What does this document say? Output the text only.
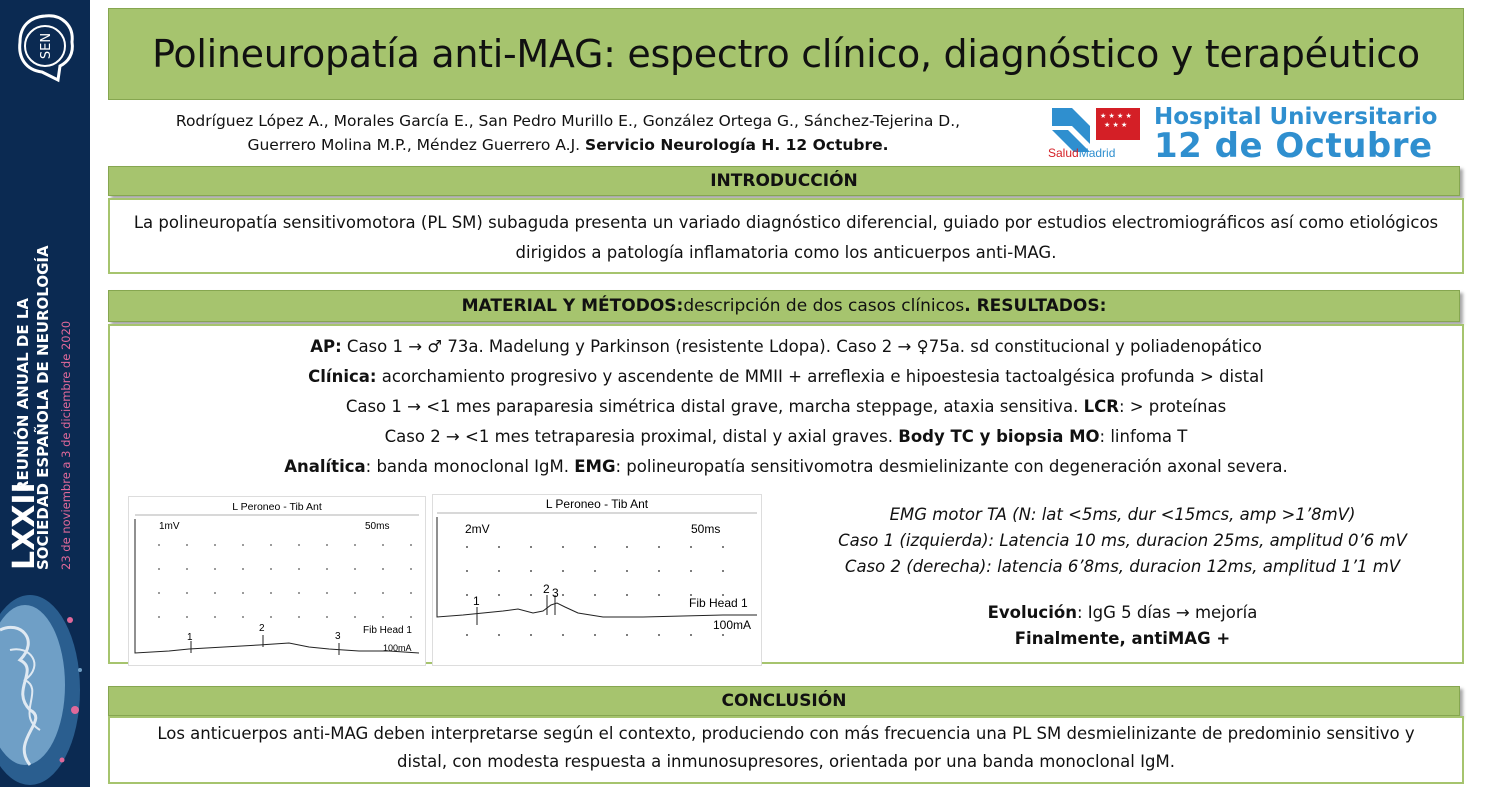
SEN
LXXII
REUNIÓN ANUAL DE LA SOCIEDAD ESPAÑOLA DE NEUROLOGÍA 23 de noviembre a 3 de diciembre de 2020
Polineuropatía anti-MAG: espectro clínico, diagnóstico y terapéutico
Rodríguez López A., Morales García E., San Pedro Murillo E., González Ortega G., Sánchez-Tejerina D.,
Guerrero Molina M.P., Méndez Guerrero A.J. Servicio Neurología H. 12 Octubre.
★ ★ ★ ★
★ ★ ★
SaludMadrid
Hospital Universitario
12 de Octubre
INTRODUCCIÓN
La polineuropatía sensitivomotora (PL SM) subaguda presenta un variado diagnóstico diferencial, guiado por estudios electromiográficos así como etiológicos dirigidos a patología inflamatoria como los anticuerpos anti-MAG.
MATERIAL Y MÉTODOS: descripción de dos casos clínicos . RESULTADOS:
AP: Caso 1 → ♂ 73a. Madelung y Parkinson (resistente Ldopa). Caso 2 → ♀75a. sd constitucional y poliadenopático
Clínica: acorchamiento progresivo y ascendente de MMII + arreflexia e hipoestesia tactoalgésica profunda > distal
Caso 1 → <1 mes paraparesia simétrica distal grave, marcha steppage, ataxia sensitiva. LCR: > proteínas
Caso 2 → <1 mes tetraparesia proximal, distal y axial graves. Body TC y biopsia MO: linfoma T
Analítica: banda monoclonal IgM. EMG: polineuropatía sensitivomotra desmielinizante con degeneración axonal severa.
L Peroneo - Tib Ant
1mV	50ms
1
2
3
Fib Head 1
100mA
L Peroneo - Tib Ant
2mV	50ms
1
2 3
Fib Head 1
100mA
EMG motor TA (N: lat <5ms, dur <15mcs, amp >1’8mV)
Caso 1 (izquierda): Latencia 10 ms, duracion 25ms, amplitud 0’6 mV
Caso 2 (derecha): latencia 6’8ms, duracion 12ms, amplitud 1’1 mV
Evolución: IgG 5 días → mejoría
Finalmente, antiMAG +
CONCLUSIÓN
Los anticuerpos anti-MAG deben interpretarse según el contexto, produciendo con más frecuencia una PL SM desmielinizante de predominio sensitivo y distal, con modesta respuesta a inmunosupresores, orientada por una banda monoclonal IgM.
